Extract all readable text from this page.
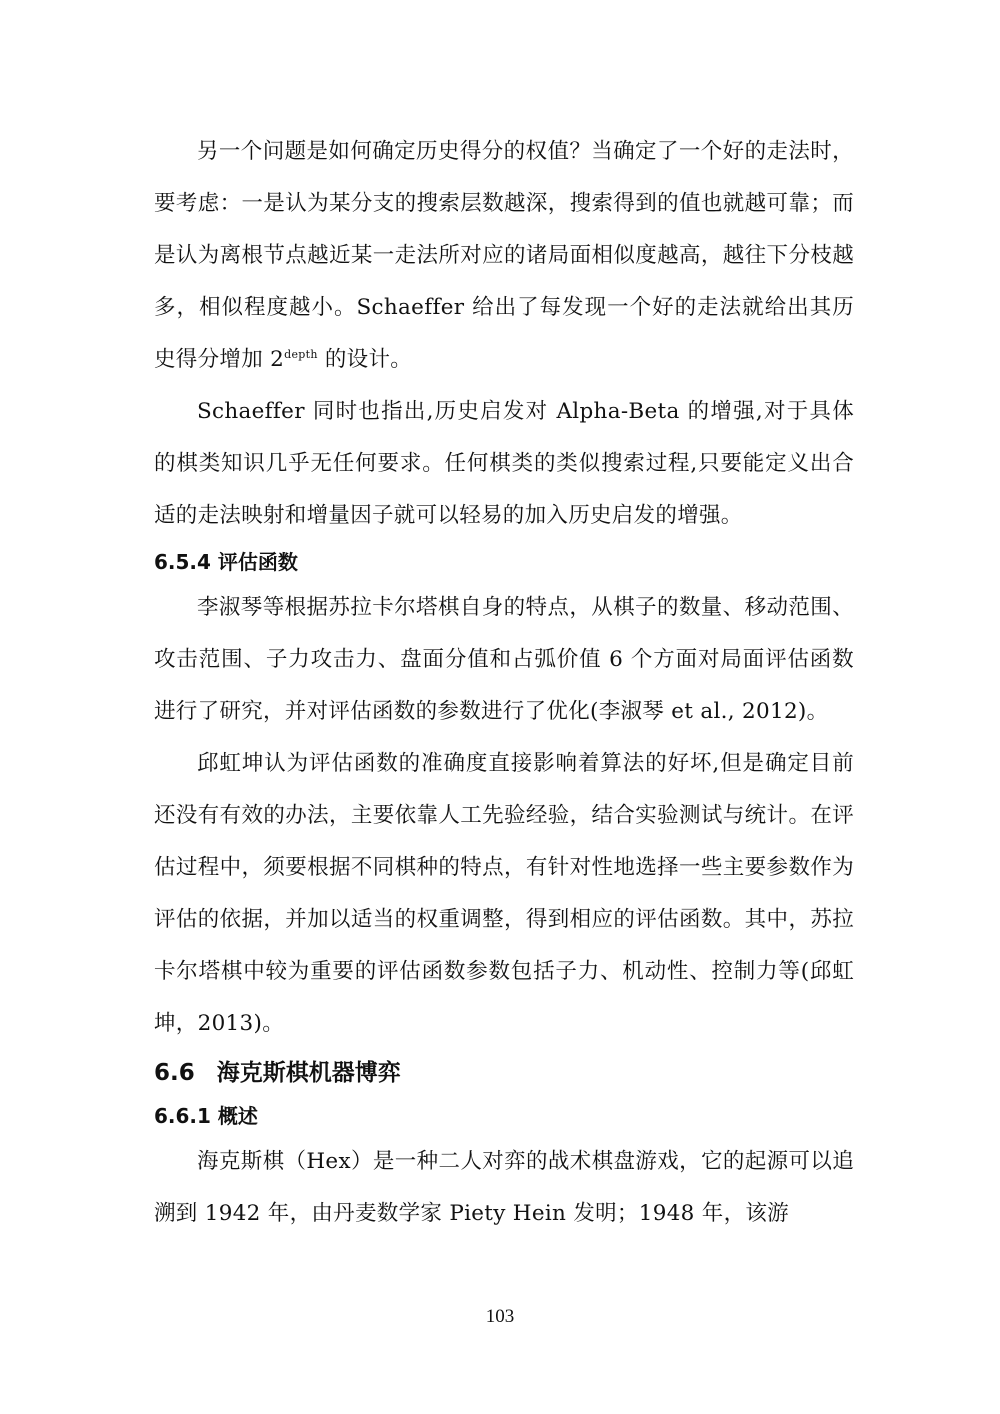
另一个问题是如何确定历史得分的权值？当确定了一个好的走法时，要考虑：一是认为某分支的搜索层数越深，搜索得到的值也就越可靠；而是认为离根节点越近某一走法所对应的诸局面相似度越高，越往下分枝越多，相似程度越小。Schaeffer 给出了每发现一个好的走法就给出其历史得分增加 $2^{depth}$ 的设计。

Schaeffer 同时也指出,历史启发对 Alpha-Beta 的增强,对于具体的棋类知识几乎无任何要求。任何棋类的类似搜索过程,只要能定义出合适的走法映射和增量因子就可以轻易的加入历史启发的增强。

6.5.4 评估函数

李淑琴等根据苏拉卡尔塔棋自身的特点，从棋子的数量、移动范围、攻击范围、子力攻击力、盘面分值和占弧价值 6 个方面对局面评估函数进行了研究，并对评估函数的参数进行了优化(李淑琴 et al., 2012)。

邱虹坤认为评估函数的准确度直接影响着算法的好坏,但是确定目前还没有有效的办法，主要依靠人工先验经验，结合实验测试与统计。在评估过程中，须要根据不同棋种的特点，有针对性地选择一些主要参数作为评估的依据，并加以适当的权重调整，得到相应的评估函数。其中，苏拉卡尔塔棋中较为重要的评估函数参数包括子力、机动性、控制力等(邱虹坤，2013)。

6.6 海克斯棋机器博弈
6.6.1 概述

海克斯棋（Hex）是一种二人对弈的战术棋盘游戏，它的起源可以追溯到 1942 年，由丹麦数学家 Piety Hein 发明；1948 年，该游

103
